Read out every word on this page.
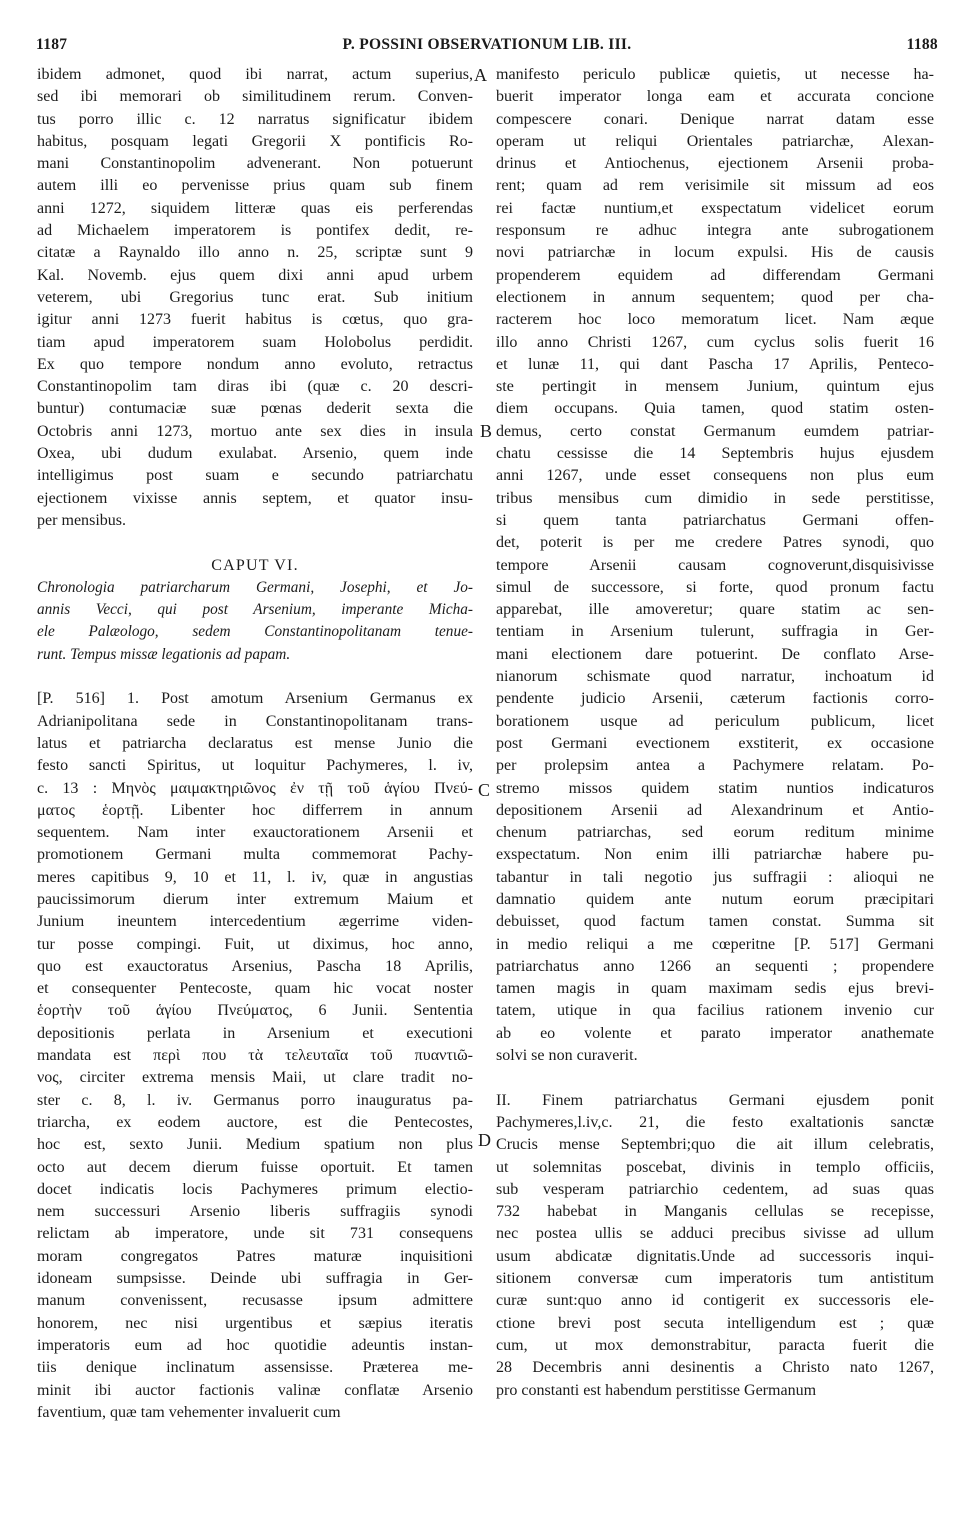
1187	P. POSSINI OBSERVATIONUM LIB. III.	1188
A
B
C
D
ibidem admonet, quod ibi narrat, actum superius,
sed ibi memorari ob similitudinem rerum. Conven-
tus porro illic c. 12 narratus significatur ibidem
habitus, posquam legati Gregorii X pontificis Ro-
mani Constantinopolim advenerant. Non potuerunt
autem illi eo pervenisse prius quam sub finem
anni 1272, siquidem litteræ quas eis perferendas
ad Michaelem imperatorem is pontifex dedit, re-
citatæ a Raynaldo illo anno n. 25, scriptæ sunt 9
Kal. Novemb. ejus quem dixi anni apud urbem
veterem, ubi Gregorius tunc erat. Sub initium
igitur anni 1273 fuerit habitus is cœtus, quo gra-
tiam apud imperatorem suam Holobolus perdidit.
Ex quo tempore nondum anno evoluto, retractus
Constantinopolim tam diras ibi (quæ c. 20 descri-
buntur) contumaciæ suæ pœnas dederit sexta die
Octobris anni 1273, mortuo ante sex dies in insula
Oxea, ubi dudum exulabat. Arsenio, quem inde
intelligimus post suam e secundo patriarchatu
ejectionem vixisse annis septem, et quator insu-
per mensibus.
CAPUT VI.
Chronologia patriarcharum Germani, Josephi, et Jo-
annis Vecci, qui post Arsenium, imperante Micha-
ele Palæologo, sedem Constantinopolitanam tenue-
runt. Tempus missæ legationis ad papam.
[P. 516] 1. Post amotum Arsenium Germanus ex
Adrianipolitana sede in Constantinopolitanam trans-
latus et patriarcha declaratus est mense Junio die
festo sancti Spiritus, ut loquitur Pachymeres, l. iv,
c. 13 : Μηνὸς μαιμακτηριῶνος ἐν τῇ τοῦ ἁγίου Πνεύ-
ματος ἑορτῇ. Libenter hoc differrem in annum
sequentem. Nam inter exauctorationem Arsenii et
promotionem Germani multa commemorat Pachy-
meres capitibus 9, 10 et 11, l. iv, quæ in angustias
paucissimorum dierum inter extremum Maium et
Junium ineuntem intercedentium ægerrime viden-
tur posse compingi. Fuit, ut diximus, hoc anno,
quo est exauctoratus Arsenius, Pascha 18 Aprilis,
et consequenter Pentecoste, quam hic vocat noster
ἑορτὴν τοῦ ἁγίου Πνεύματος, 6 Junii. Sententia
depositionis perlata in Arsenium et executioni
mandata est περὶ που τὰ τελευταῖα τοῦ πυαντιῶ-
νος, circiter extrema mensis Maii, ut clare tradit no-
ster c. 8, l. iv. Germanus porro inauguratus pa-
triarcha, ex eodem auctore, est die Pentecostes,
hoc est, sexto Junii. Medium spatium non plus
octo aut decem dierum fuisse oportuit. Et tamen
docet indicatis locis Pachymeres primum electio-
nem successuri Arsenio liberis suffragiis synodi
relictam ab imperatore, unde sit 731 consequens
moram congregatos Patres maturæ inquisitioni
idoneam sumpsisse. Deinde ubi suffragia in Ger-
manum convenissent, recusasse ipsum admittere
honorem, nec nisi urgentibus et sæpius iteratis
imperatoris eum ad hoc quotidie adeuntis instan-
tiis denique inclinatum assensisse. Præterea me-
minit ibi auctor factionis valinæ conflatæ Arsenio
faventium, quæ tam vehementer invaluerit cum
manifesto periculo publicæ quietis, ut necesse ha-
buerit imperator longa eam et accurata concione
compescere conari. Denique narrat datam esse
operam ut reliqui Orientales patriarchæ, Alexan-
drinus et Antiochenus, ejectionem Arsenii proba-
rent; quam ad rem verisimile sit missum ad eos
rei factæ nuntium,et exspectatum videlicet eorum
responsum re adhuc integra ante subrogationem
novi patriarchæ in locum expulsi. His de causis
propenderem equidem ad differendam Germani
electionem in annum sequentem; quod per cha-
racterem hoc loco memoratum licet. Nam æque
illo anno Christi 1267, cum cyclus solis fuerit 16
et lunæ 11, qui dant Pascha 17 Aprilis, Penteco-
ste pertingit in mensem Junium, quintum ejus
diem occupans. Quia tamen, quod statim osten-
demus, certo constat Germanum eumdem patriar-
chatu cessisse die 14 Septembris hujus ejusdem
anni 1267, unde esset consequens non plus eum
tribus mensibus cum dimidio in sede perstitisse,
si quem tanta patriarchatus Germani offen-
det, poterit is per me credere Patres synodi, quo
tempore Arsenii causam cognoverunt,disquisivisse
simul de successore, si forte, quod pronum factu
apparebat, ille amoveretur; quare statim ac sen-
tentiam in Arsenium tulerunt, suffragia in Ger-
mani electionem dare potuerint. De conflato Arse-
nianorum schismate quod narratur, inchoatum id
pendente judicio Arsenii, cæterum factionis corro-
borationem usque ad periculum publicum, licet
post Germani evectionem exstiterit, ex occasione
per prolepsim antea a Pachymere relatam. Po-
stremo missos quidem statim nuntios indicaturos
depositionem Arsenii ad Alexandrinum et Antio-
chenum patriarchas, sed eorum reditum minime
exspectatum. Non enim illi patriarchæ habere pu-
tabantur in tali negotio jus suffragii : alioqui ne
damnatio quidem ante nutum eorum præcipitari
debuisset, quod factum tamen constat. Summa sit
in medio reliqui a me cœperitne [P. 517] Germani
patriarchatus anno 1266 an sequenti ; propendere
tamen magis in quam maximam sedis ejus brevi-
tatem, utique in qua facilius rationem invenio cur
ab eo volente et parato imperator anathemate
solvi se non curaverit.
II. Finem patriarchatus Germani ejusdem ponit
Pachymeres,l.iv,c. 21, die festo exaltationis sanctæ
Crucis mense Septembri;quo die ait illum celebratis,
ut solemnitas poscebat, divinis in templo officiis,
sub vesperam patriarchio cedentem, ad suas quas
732 habebat in Manganis cellulas se recepisse,
nec postea ullis se adduci precibus sivisse ad ullum
usum abdicatæ dignitatis.Unde ad successoris inqui-
sitionem conversæ cum imperatoris tum antistitum
curæ sunt:quo anno id contigerit ex successoris ele-
ctione brevi post secuta intelligendum est ; quæ
cum, ut mox demonstrabitur, paracta fuerit die
28 Decembris anni desinentis a Christo nato 1267,
pro constanti est habendum perstitisse Germanum
